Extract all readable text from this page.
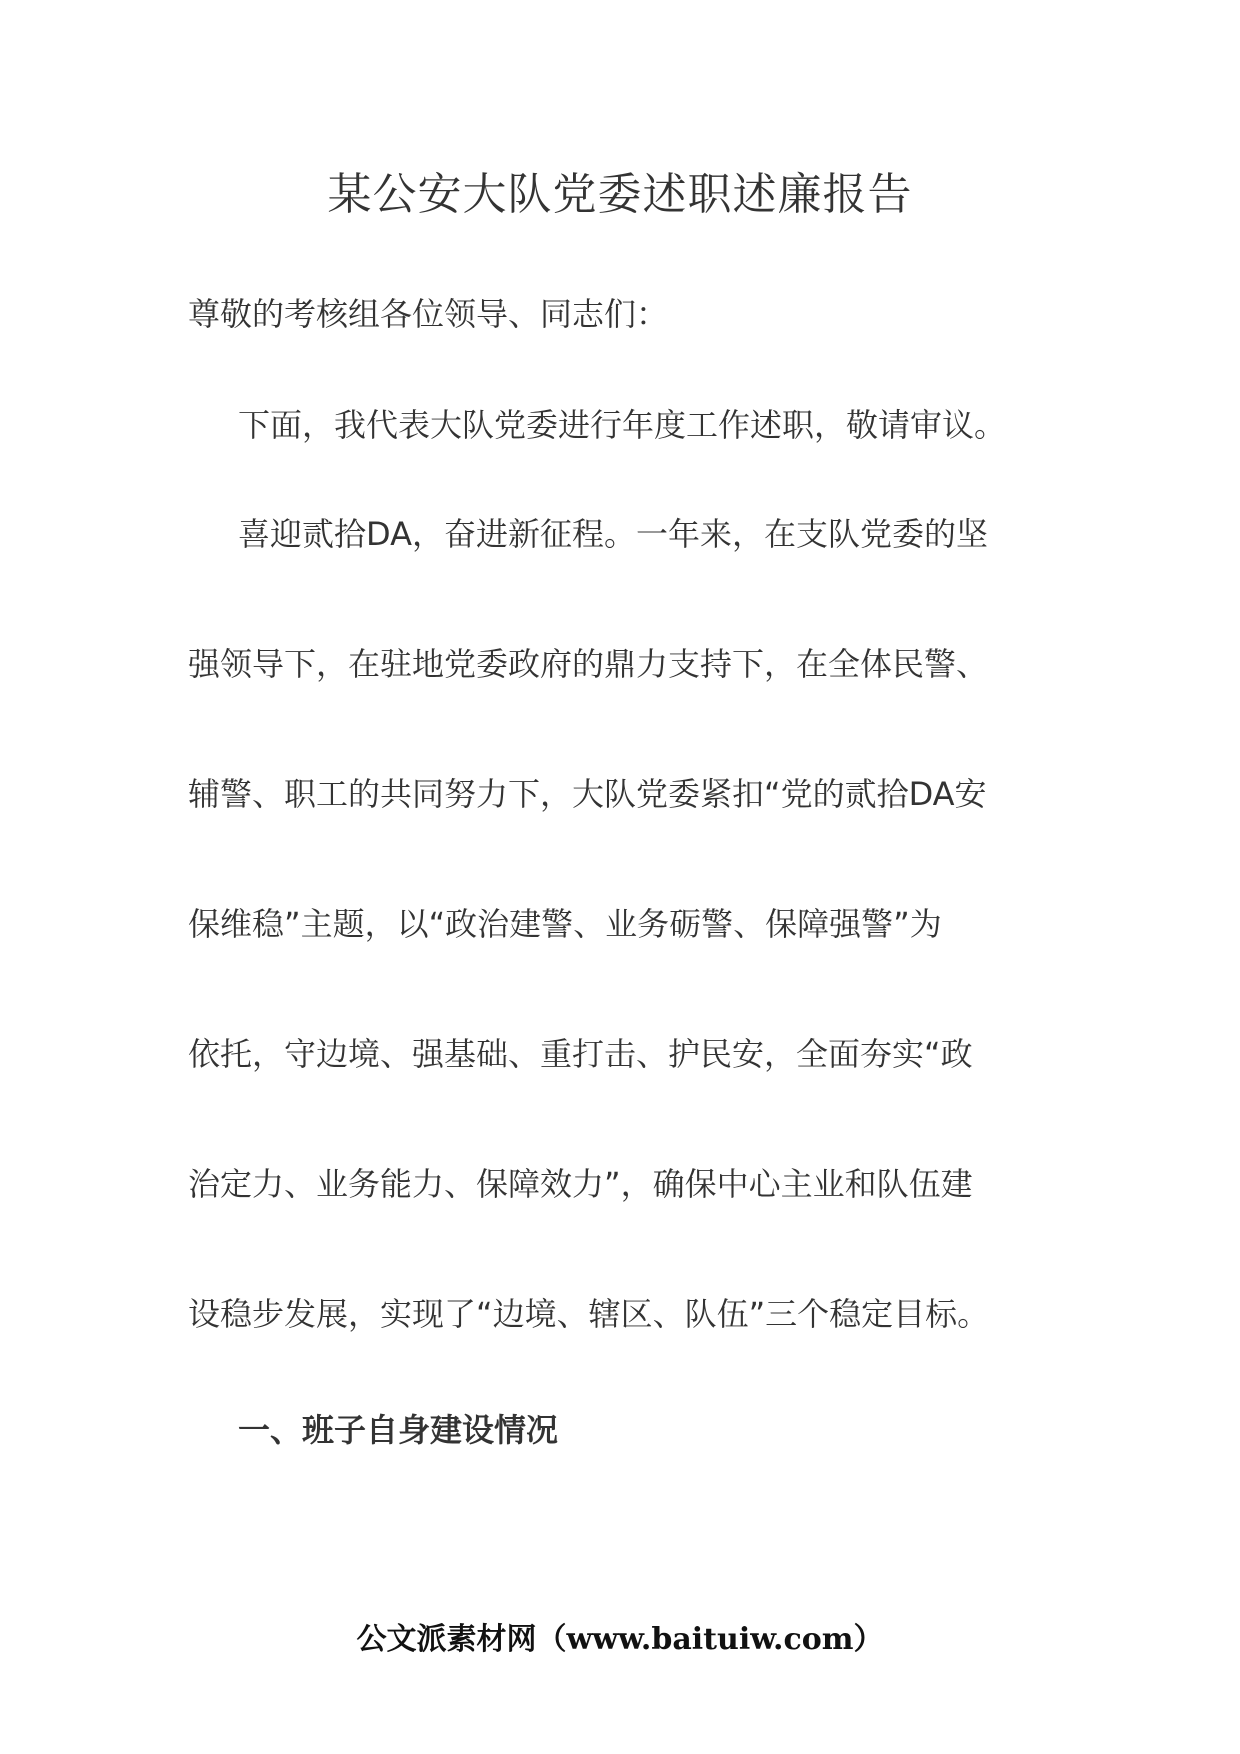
某公安大队党委述职述廉报告
尊敬的考核组各位领导、同志们：
下面，我代表大队党委进行年度工作述职，敬请审议。
喜迎贰拾DA，奋进新征程。一年来，在支队党委的坚
强领导下，在驻地党委政府的鼎力支持下，在全体民警、
辅警、职工的共同努力下，大队党委紧扣“党的贰拾DA安
保维稳”主题，以“政治建警、业务砺警、保障强警”为
依托，守边境、强基础、重打击、护民安，全面夯实“政
治定力、业务能力、保障效力”，确保中心主业和队伍建
设稳步发展，实现了“边境、辖区、队伍”三个稳定目标。
一、班子自身建设情况
公文派素材网（www.baituiw.com）
